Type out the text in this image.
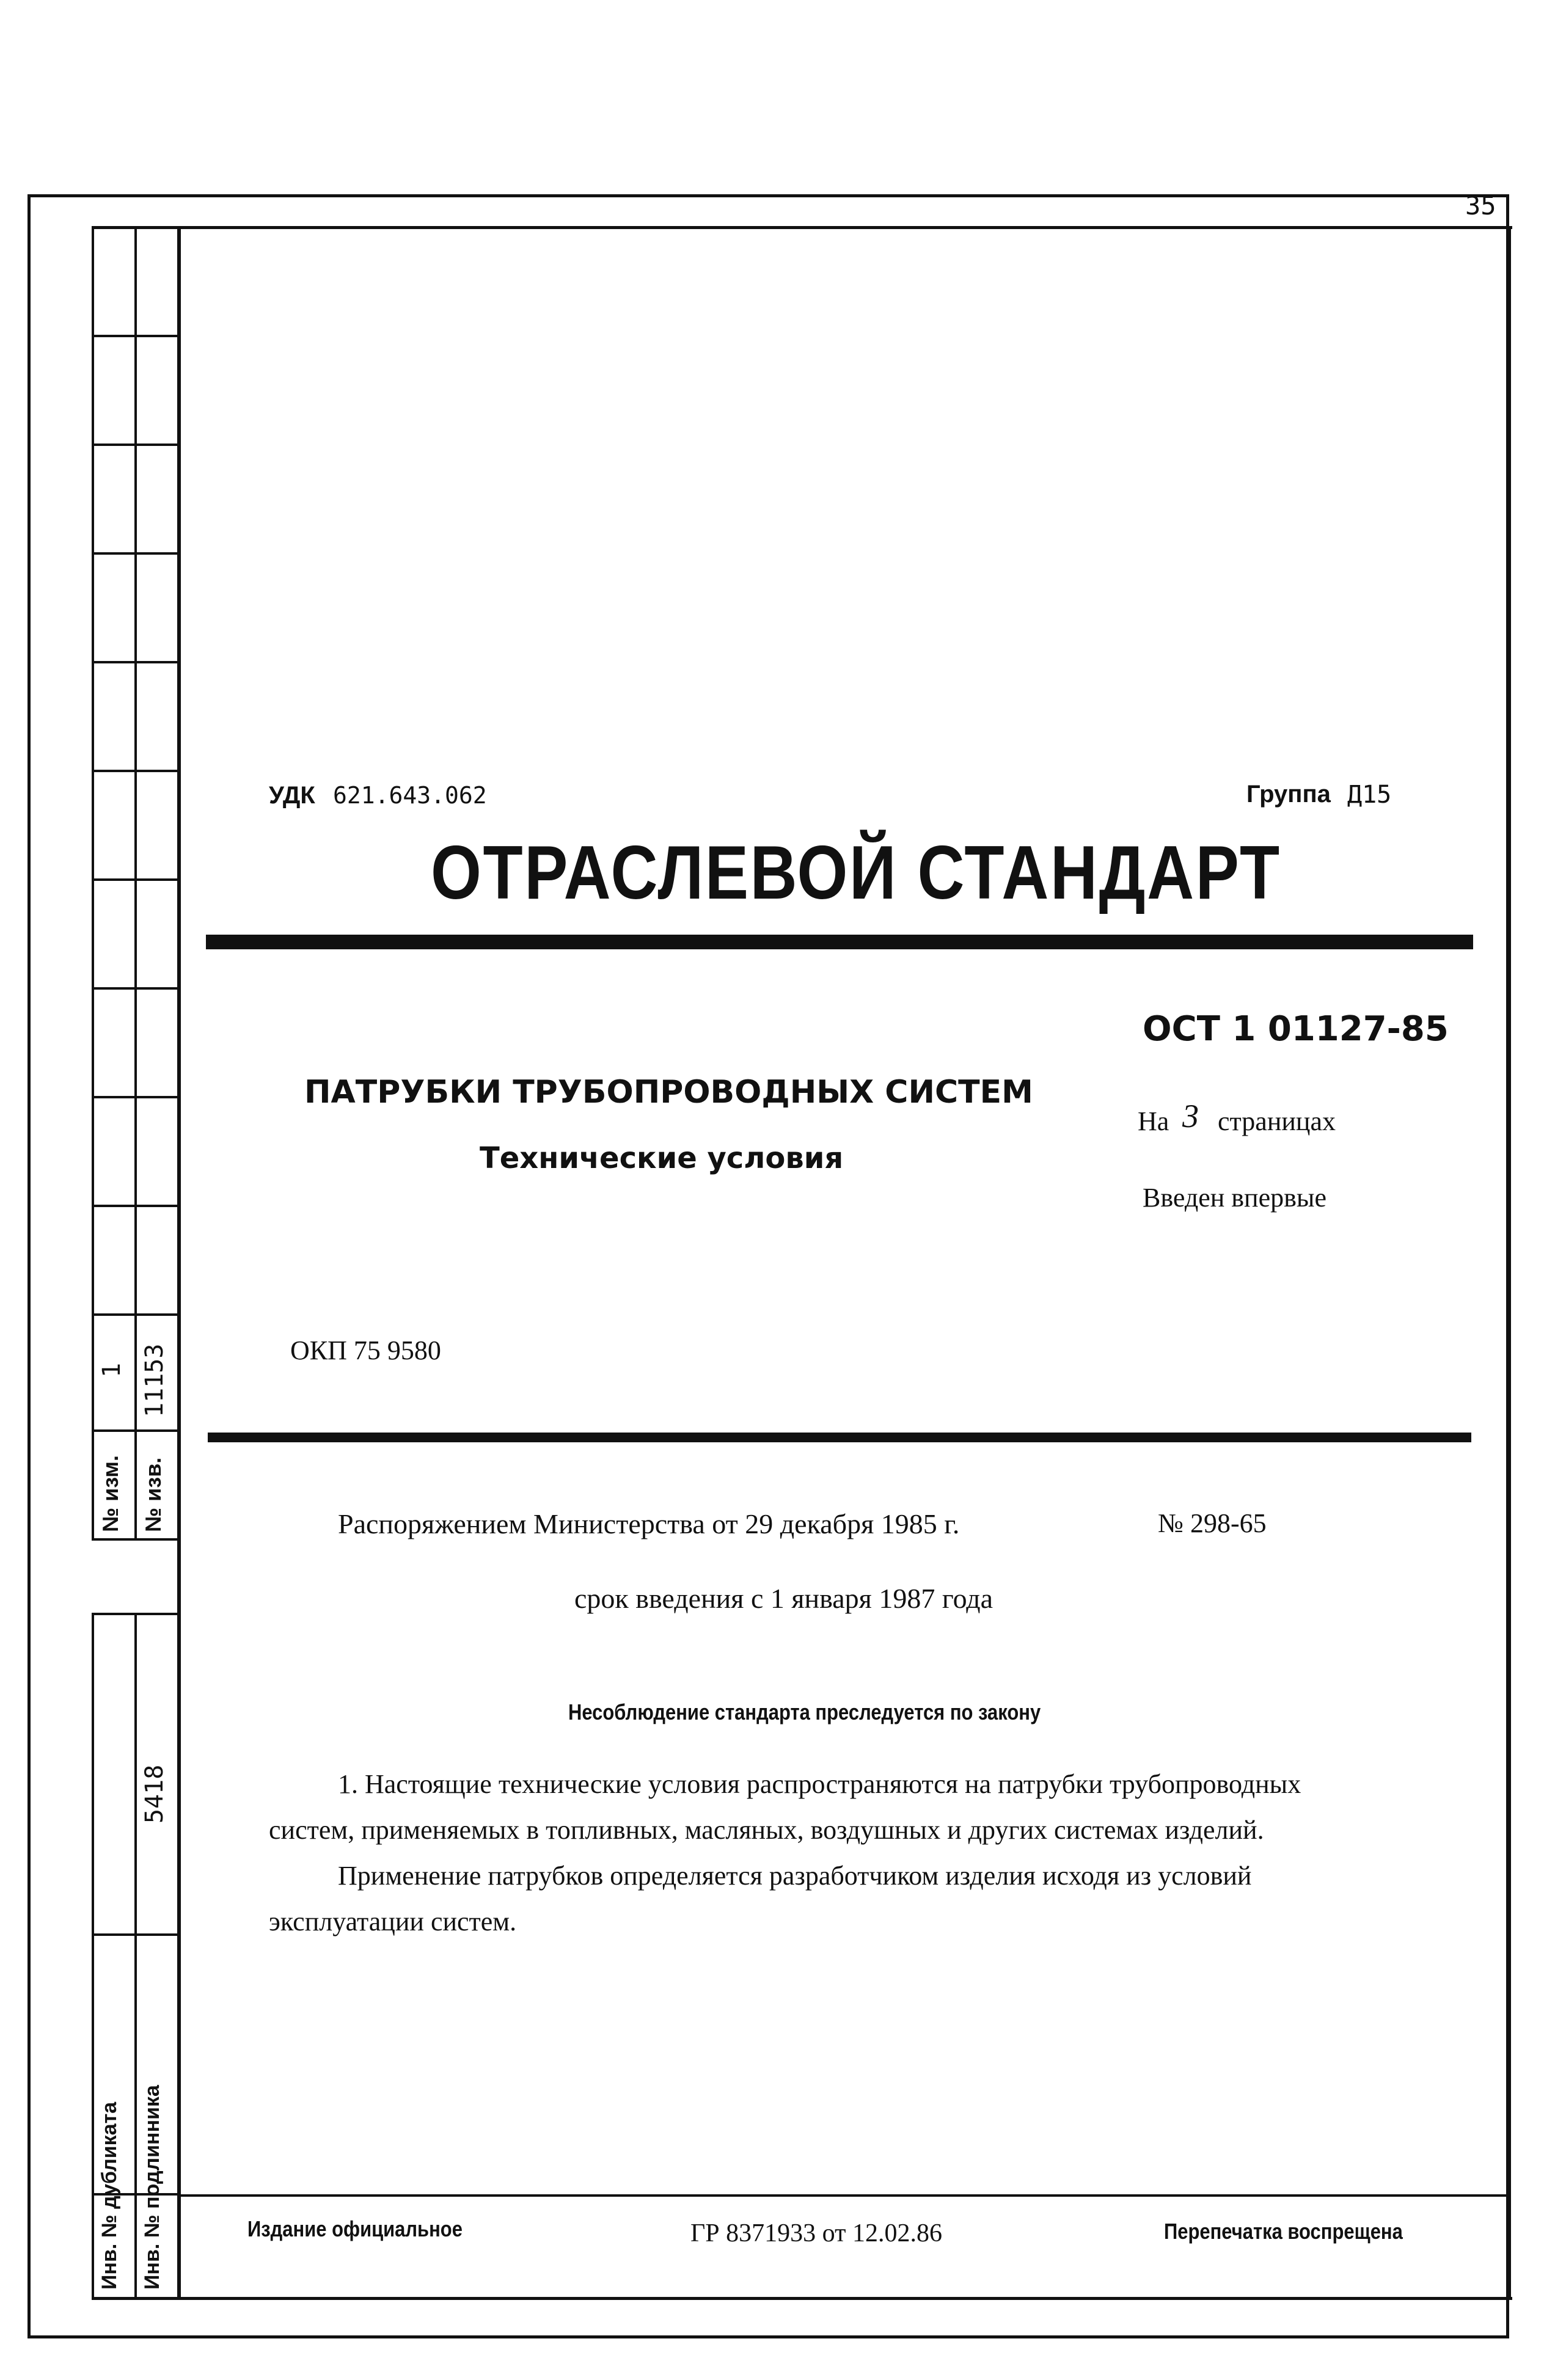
№ изм.
1
№ изв.
11153
5418
Инв. № дубликата Инв. № подлинника
35
УДК 621.643.062	Группа Д15
ОТРАСЛЕВОЙ СТАНДАРТ
ОСТ 1 01127-85
ПАТРУБКИ ТРУБОПРОВОДНЫХ СИСТЕМ
На 3 страницах
Технические условия
Введен впервые
ОКП 75 9580
Распоряжением Министерства от 29 декабря 1985 г.	№ 298-65
срок введения с 1 января 1987 года
Несоблюдение стандарта преследуется по закону
1. Настоящие технические условия распространяются на патрубки трубопроводных
систем, применяемых в топливных, масляных, воздушных и других системах изделий.
Применение патрубков определяется разработчиком изделия исходя из условий
эксплуатации систем.
Издание официальное	ГР 8371933 от 12.02.86	Перепечатка воспрещена
